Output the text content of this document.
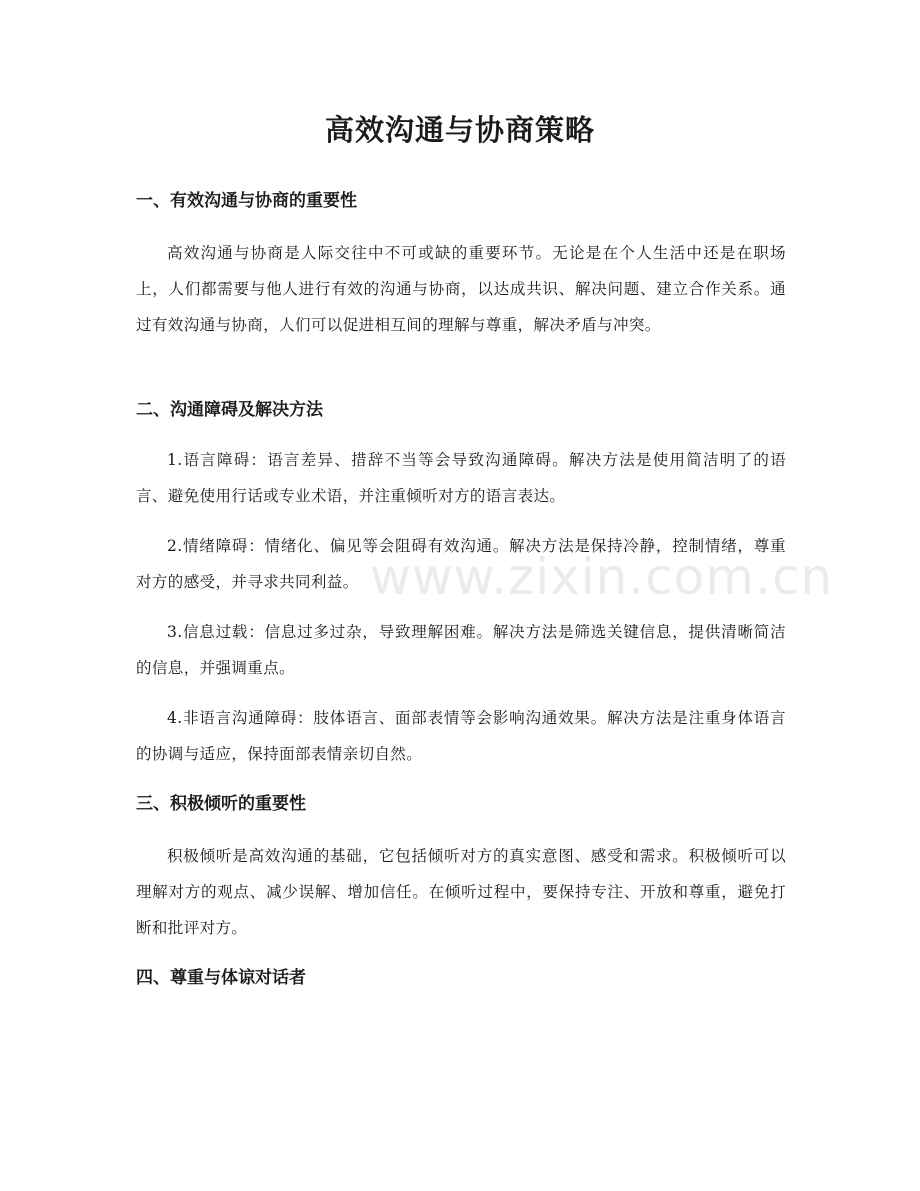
www.zixin.com.cn
高效沟通与协商策略
一、有效沟通与协商的重要性

高效沟通与协商是人际交往中不可或缺的重要环节。无论是在个人生活中还是在职场上，人们都需要与他人进行有效的沟通与协商，以达成共识、解决问题、建立合作关系。通过有效沟通与协商，人们可以促进相互间的理解与尊重，解决矛盾与冲突。

二、沟通障碍及解决方法

1.语言障碍：语言差异、措辞不当等会导致沟通障碍。解决方法是使用简洁明了的语言、避免使用行话或专业术语，并注重倾听对方的语言表达。

2.情绪障碍：情绪化、偏见等会阻碍有效沟通。解决方法是保持冷静，控制情绪，尊重对方的感受，并寻求共同利益。

3.信息过载：信息过多过杂，导致理解困难。解决方法是筛选关键信息，提供清晰简洁的信息，并强调重点。

4.非语言沟通障碍：肢体语言、面部表情等会影响沟通效果。解决方法是注重身体语言的协调与适应，保持面部表情亲切自然。

三、积极倾听的重要性

积极倾听是高效沟通的基础，它包括倾听对方的真实意图、感受和需求。积极倾听可以理解对方的观点、减少误解、增加信任。在倾听过程中，要保持专注、开放和尊重，避免打断和批评对方。

四、尊重与体谅对话者
